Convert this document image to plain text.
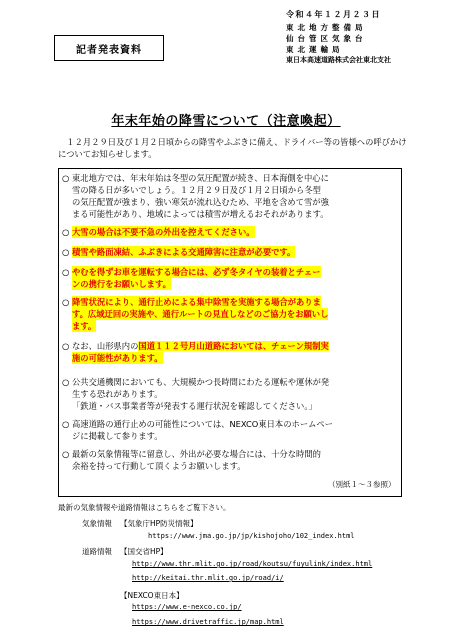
記者発表資料
令和４年１２月２３日
東北地方整備局
仙台管区気象台
東北運輸局
東日本高速道路株式会社東北支社
年末年始の降雪について（注意喚起）
　１２月２９日及び１月２日頃からの降雪やふぶきに備え、ドライバー等の皆様への呼びかけについてお知らせします。
○ 東北地方では、年末年始は冬型の気圧配置が続き、日本海側を中心に
雪の降る日が多いでしょう。１２月２９日及び１月２日頃から冬型
の気圧配置が強まり、強い寒気が流れ込むため、平地を含めて雪が強
まる可能性があり、地域によっては積雪が増えるおそれがあります。
○ 大雪の場合は不要不急の外出を控えてください。
○ 積雪や路面凍結、ふぶきによる交通障害に注意が必要です。
○ やむを得ずお車を運転する場合には、必ず冬タイヤの装着とチェー
ンの携行をお願いします。
○ 降雪状況により、通行止めによる集中除雪を実施する場合がありま
す。広域迂回の実施や、通行ルートの見直しなどのご協力をお願いし
ます。
○ なお、山形県内の国道１１２号月山道路においては、チェーン規制実
施の可能性があります。
○ 公共交通機関においても、大規模かつ長時間にわたる運転や運休が発
生する恐れがあります。
「鉄道・バス事業者等が発表する運行状況を確認してください。」
○ 高速道路の通行止めの可能性については、NEXCO東日本のホームペー
ジに掲載して参ります。
○ 最新の気象情報等に留意し、外出が必要な場合には、十分な時間的
余裕を持って行動して頂くようお願いします。
（別紙１～３参照）
最新の気象情報や道路情報はこちらをご覧下さい。
気象情報 【気象庁HP防災情報】
https://www.jma.go.jp/jp/kishojoho/102_index.html
道路情報 【国交省HP】
http://www.thr.mlit.go.jp/road/koutsu/fuyulink/index.html
http://keitai.thr.mlit.go.jp/road/i/
【NEXCO東日本】
https://www.e-nexco.co.jp/
https://www.drivetraffic.jp/map.html
